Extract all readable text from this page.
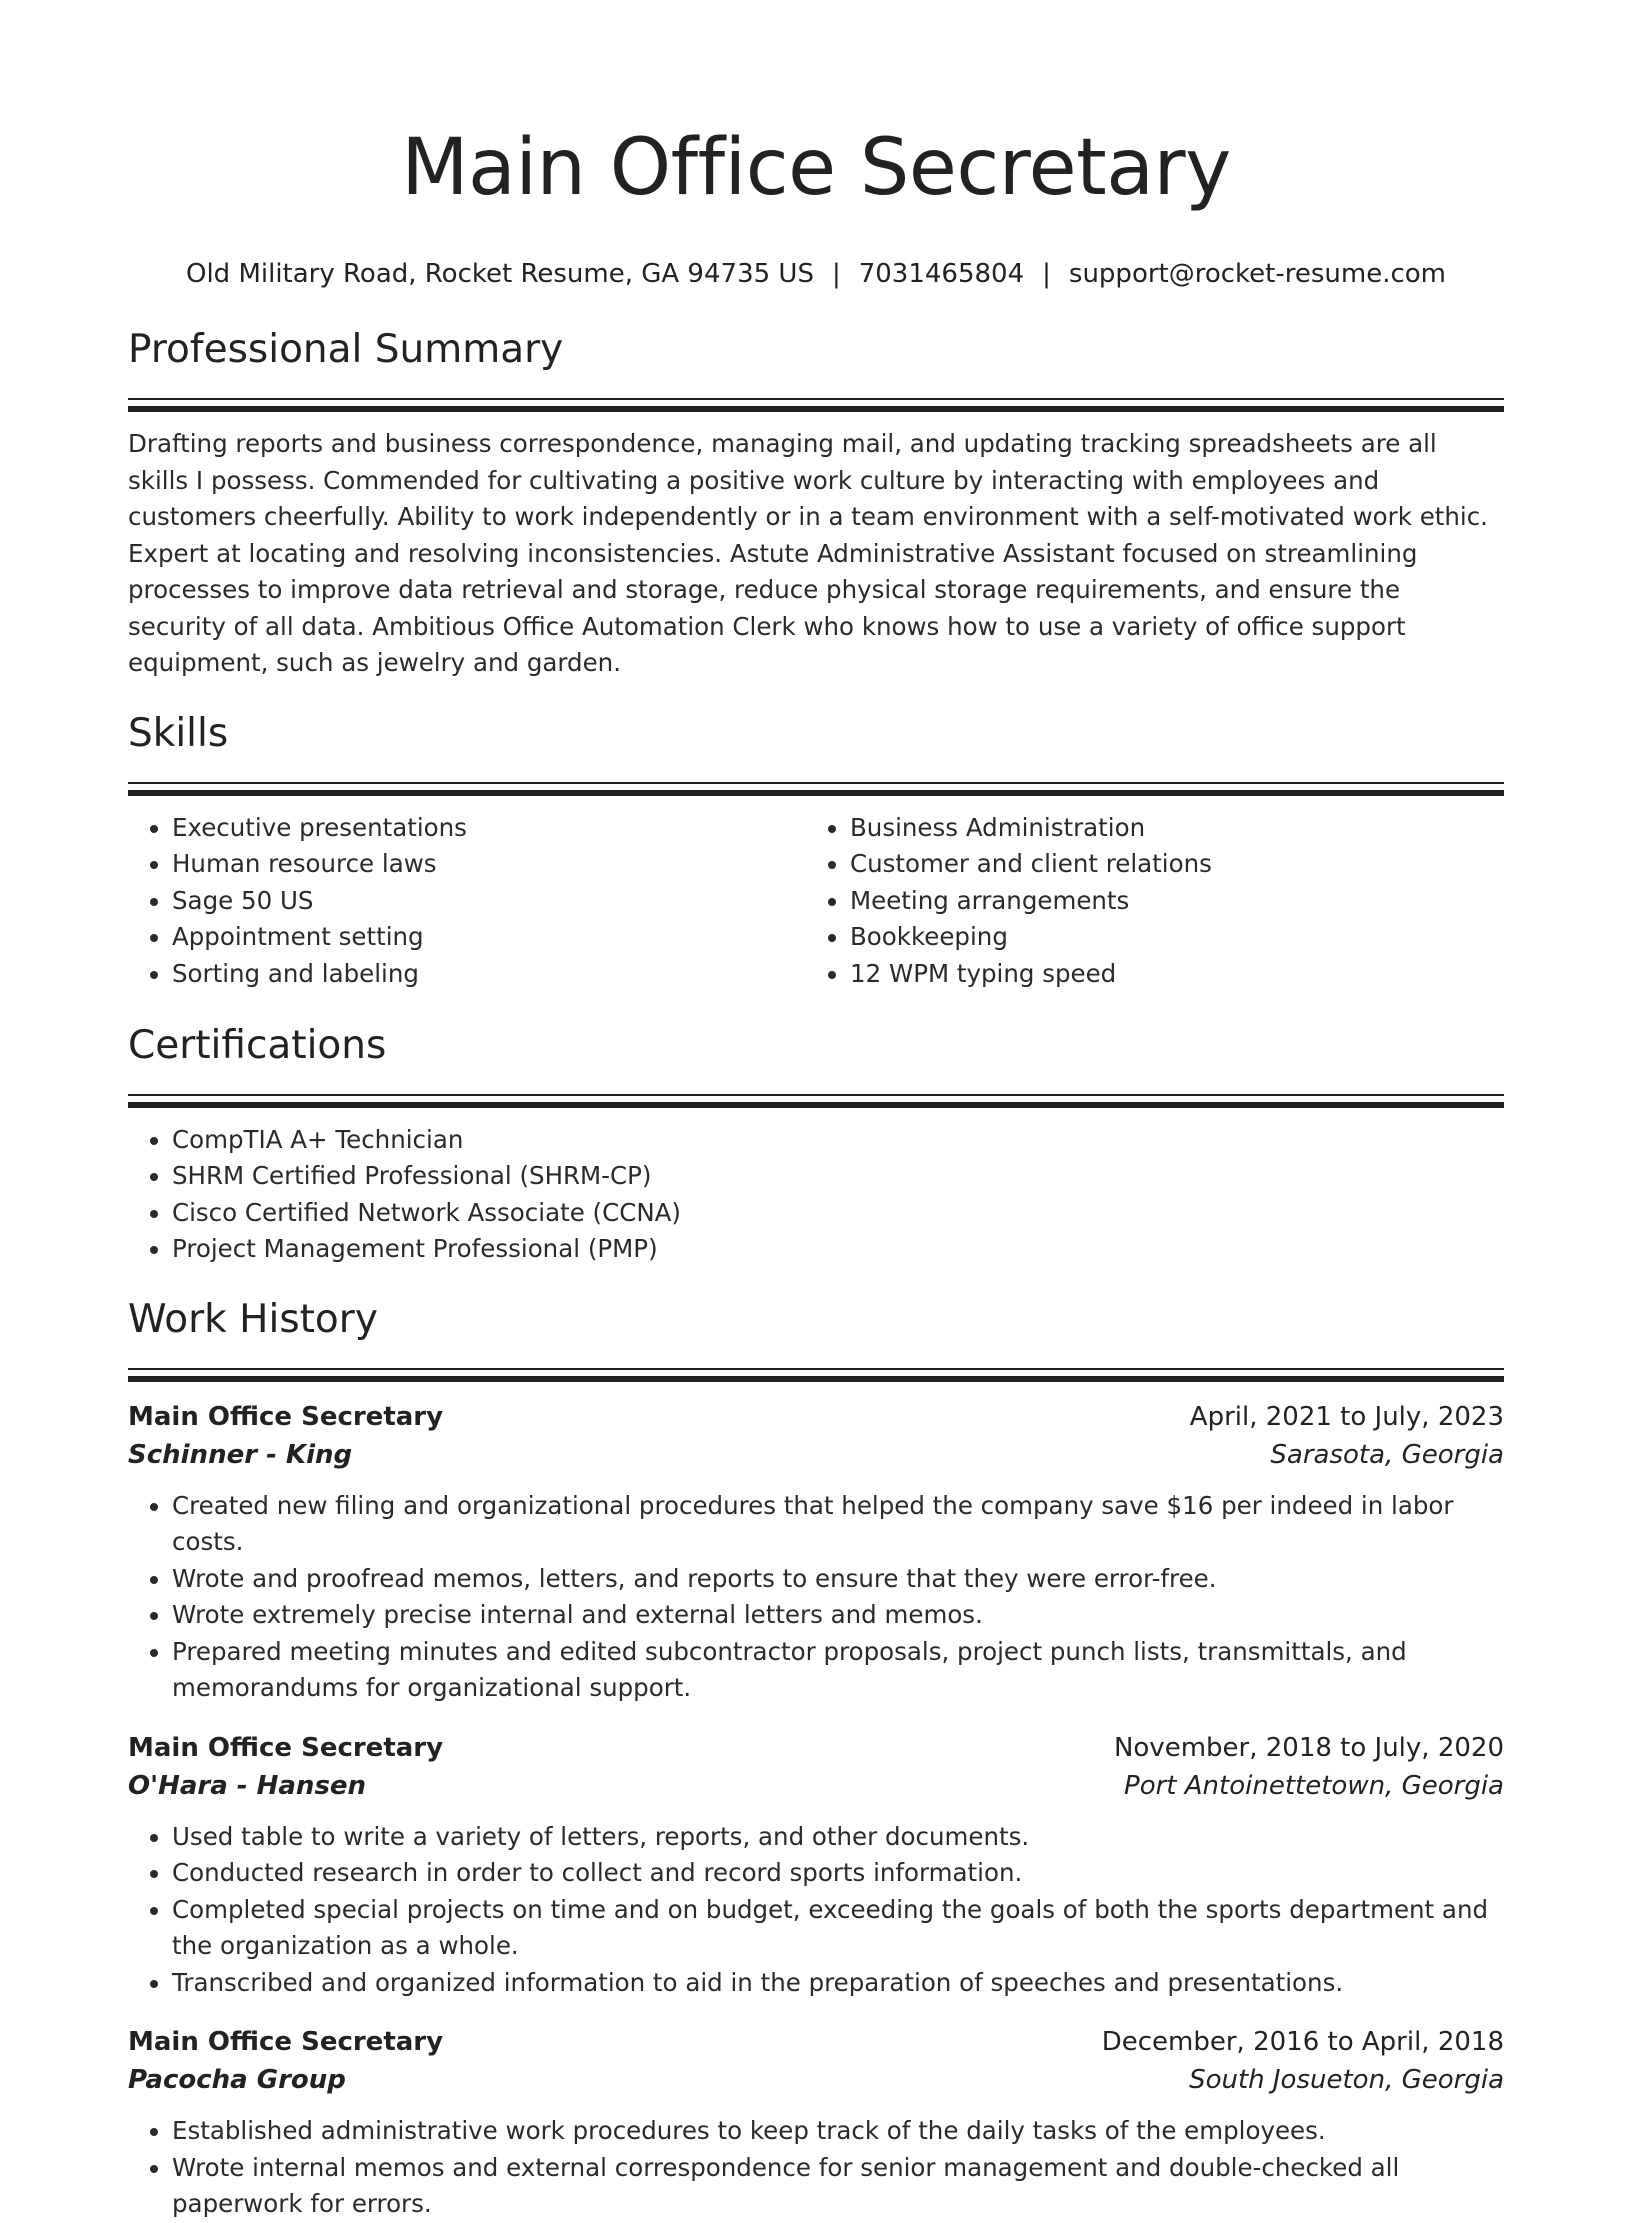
Main Office Secretary
Old Military Road, Rocket Resume, GA 94735 US | 7031465804 | support@rocket-resume.com
Professional Summary
Drafting reports and business correspondence, managing mail, and updating tracking spreadsheets are all skills I possess. Commended for cultivating a positive work culture by interacting with employees and customers cheerfully. Ability to work independently or in a team environment with a self-motivated work ethic. Expert at locating and resolving inconsistencies. Astute Administrative Assistant focused on streamlining processes to improve data retrieval and storage, reduce physical storage requirements, and ensure the security of all data. Ambitious Office Automation Clerk who knows how to use a variety of office support equipment, such as jewelry and garden.
Skills
• Executive presentations
• Human resource laws
• Sage 50 US
• Appointment setting
• Sorting and labeling
• Business Administration
• Customer and client relations
• Meeting arrangements
• Bookkeeping
• 12 WPM typing speed
Certifications
• CompTIA A+ Technician
• SHRM Certified Professional (SHRM-CP)
• Cisco Certified Network Associate (CCNA)
• Project Management Professional (PMP)
Work History
Main Office Secretary	April, 2021 to July, 2023
Schinner - King	Sarasota, Georgia
• Created new filing and organizational procedures that helped the company save $16 per indeed in labor costs.
• Wrote and proofread memos, letters, and reports to ensure that they were error-free.
• Wrote extremely precise internal and external letters and memos.
• Prepared meeting minutes and edited subcontractor proposals, project punch lists, transmittals, and memorandums for organizational support.
Main Office Secretary	November, 2018 to July, 2020
O'Hara - Hansen	Port Antoinettetown, Georgia
• Used table to write a variety of letters, reports, and other documents.
• Conducted research in order to collect and record sports information.
• Completed special projects on time and on budget, exceeding the goals of both the sports department and the organization as a whole.
• Transcribed and organized information to aid in the preparation of speeches and presentations.
Main Office Secretary	December, 2016 to April, 2018
Pacocha Group	South Josueton, Georgia
• Established administrative work procedures to keep track of the daily tasks of the employees.
• Wrote internal memos and external correspondence for senior management and double-checked all paperwork for errors.
